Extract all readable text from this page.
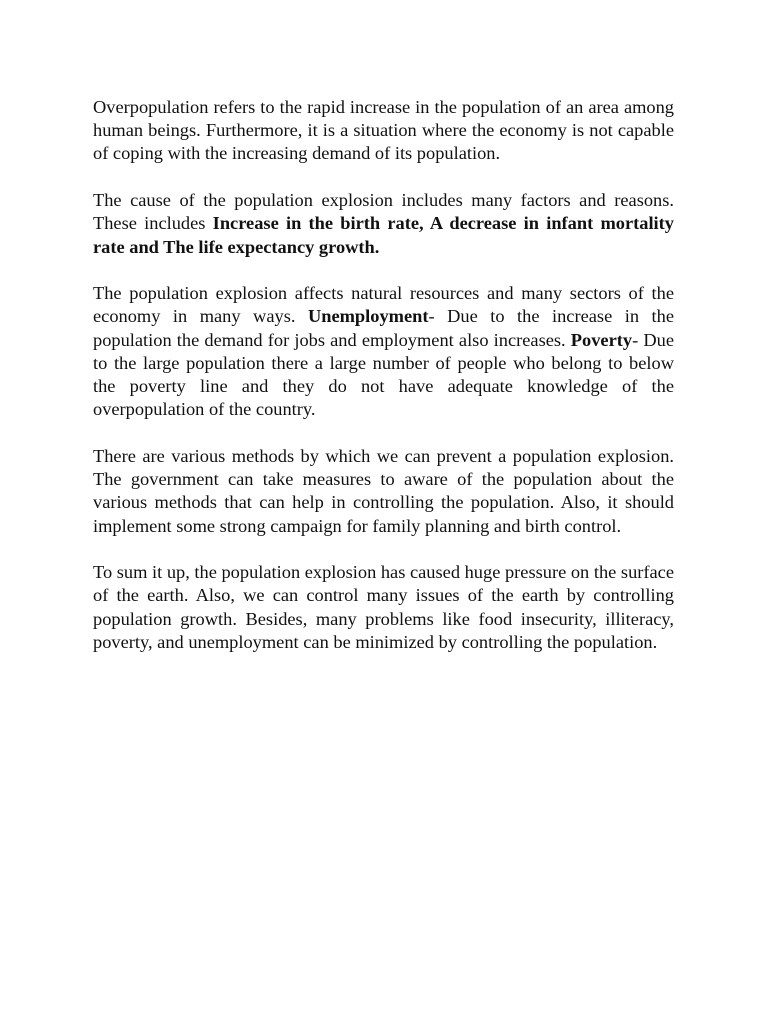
Overpopulation refers to the rapid increase in the population of an area among human beings. Furthermore, it is a situation where the economy is not capable of coping with the increasing demand of its population.

The cause of the population explosion includes many factors and reasons. These includes Increase in the birth rate, A decrease in infant mortality rate and The life expectancy growth.

The population explosion affects natural resources and many sectors of the economy in many ways. Unemployment- Due to the increase in the population the demand for jobs and employment also increases. Poverty- Due to the large population there a large number of people who belong to below the poverty line and they do not have adequate knowledge of the overpopulation of the country.

There are various methods by which we can prevent a population explosion. The government can take measures to aware of the population about the various methods that can help in controlling the population. Also, it should implement some strong campaign for family planning and birth control.

To sum it up, the population explosion has caused huge pressure on the surface of the earth. Also, we can control many issues of the earth by controlling population growth. Besides, many problems like food insecurity, illiteracy, poverty, and unemployment can be minimized by controlling the population.
